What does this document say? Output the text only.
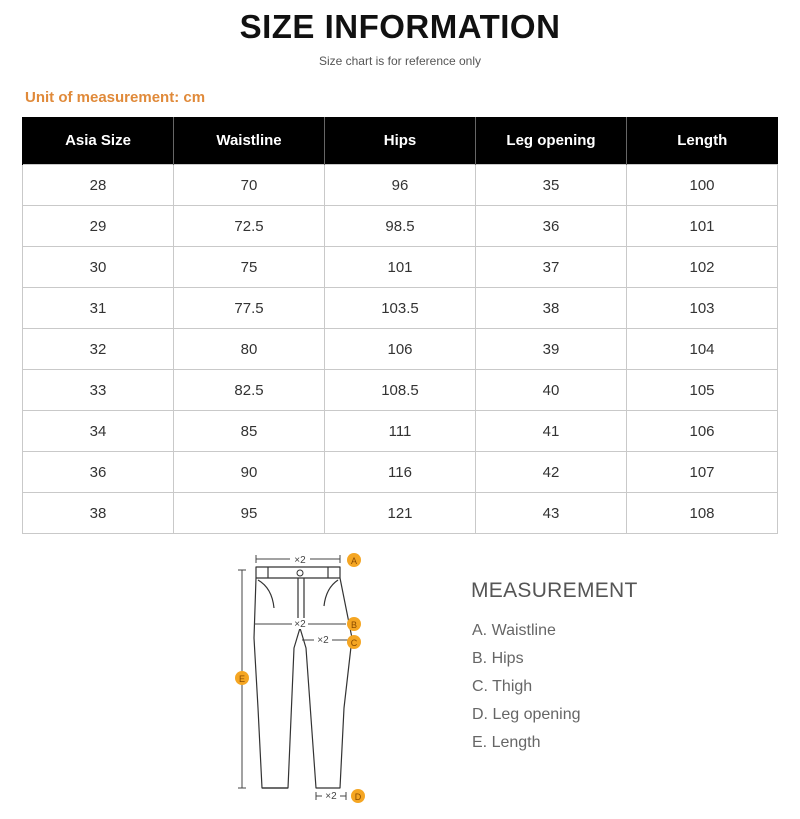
SIZE INFORMATION
Size chart is for reference only
Unit of measurement: cm
Asia Size	Waistline	Hips	Leg opening	Length
28	70	96	35	100
29	72.5	98.5	36	101
30	75	101	37	102
31	77.5	103.5	38	103
32	80	106	39	104
33	82.5	108.5	40	105
34	85	111	41	106
36	90	116	42	107
38	95	121	43	108
×2	A
×2	B
×2 C
E
×2 D
MEASUREMENT
A. Waistline
B. Hips
C. Thigh
D. Leg opening
E. Length
